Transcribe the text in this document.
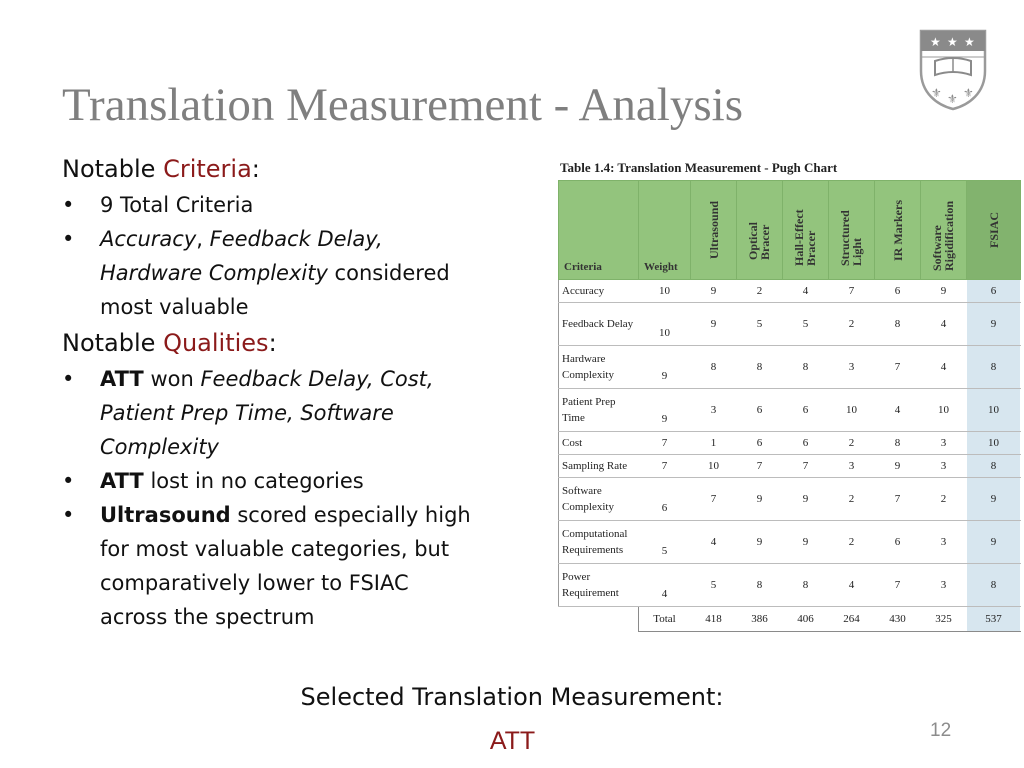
Translation Measurement - Analysis
★ ★ ★
⚜ ⚜ ⚜
Notable Criteria:
• 9 Total Criteria
• Accuracy, Feedback Delay, Hardware Complexity considered most valuable
Notable Qualities:
• ATT won Feedback Delay, Cost, Patient Prep Time, Software Complexity
• ATT lost in no categories
• Ultrasound scored especially high for most valuable categories, but comparatively lower to FSIAC across the spectrum
Table 1.4: Translation Measurement - Pugh Chart
Criteria	Weight	Ultrasound	Optical Bracer	Hall-Effect Bracer	Structured Light	IR Markers	Software Rigidification	FSIAC

Accuracy	10	9	2	4	7	6	9	6
Feedback Delay	10	9	5	5	2	8	4	9
Hardware Complexity	9	8	8	8	3	7	4	8
Patient Prep Time	9	3	6	6	10	4	10	10
Cost	7	1	6	6	2	8	3	10
Sampling Rate	7	10	7	7	3	9	3	8
Software Complexity	6	7	9	9	2	7	2	9
Computational Requirements	5	4	9	9	2	6	3	9
Power Requirement	4	5	8	8	4	7	3	8
	Total	418	386	406	264	430	325	537
Selected Translation Measurement:
ATT	12
